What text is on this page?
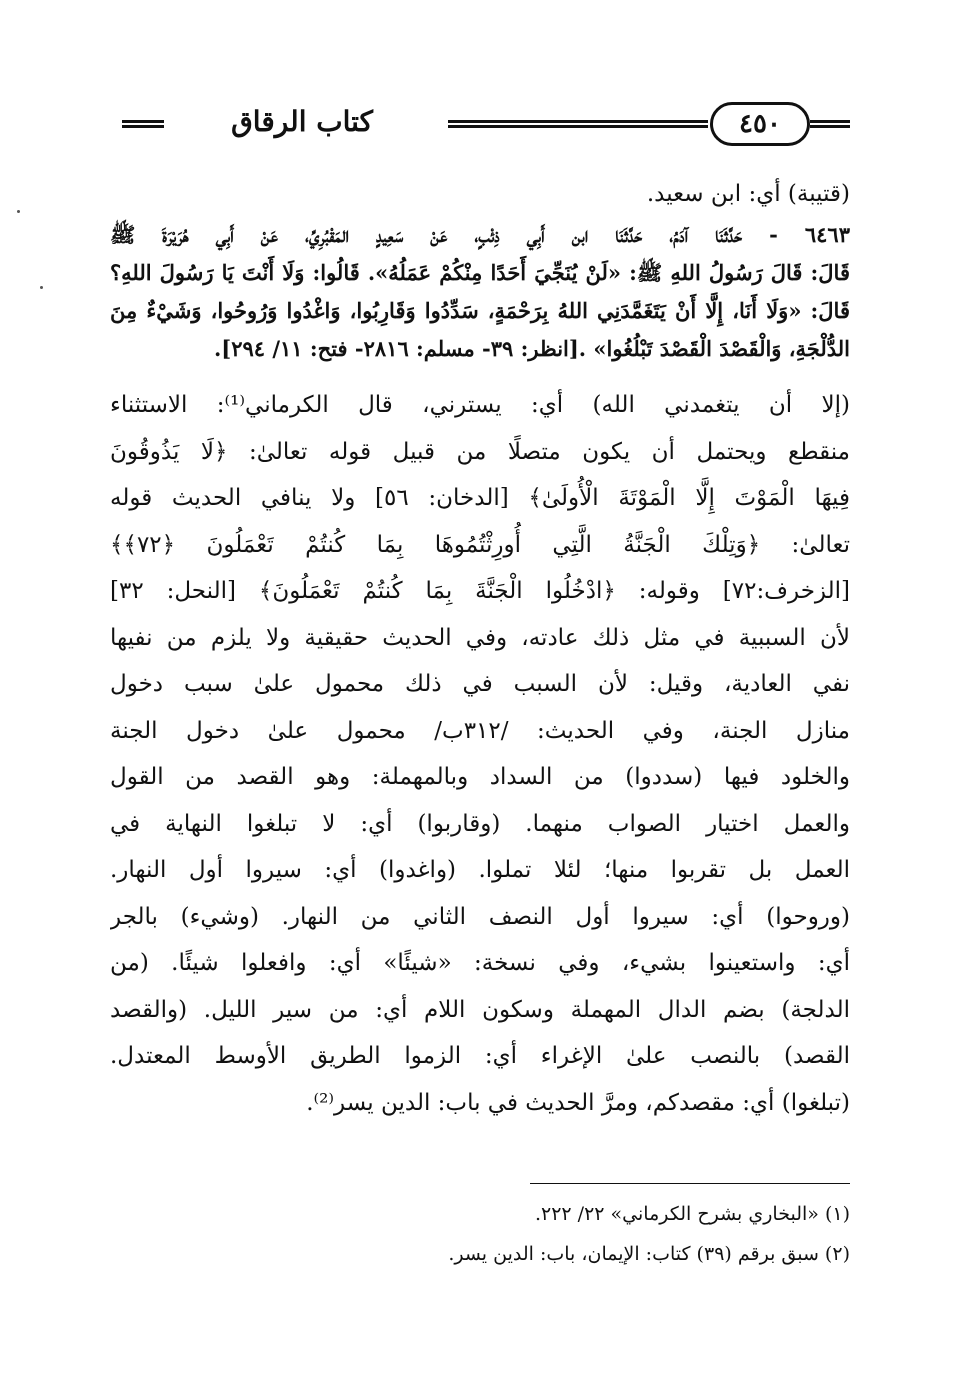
كتاب الرقاق	٤٥٠

(قتيبة) أي: ابن سعيد.

٦٤٦٣ - حَدَّثَنَا آدَمُ، حَدَّثَنَا ابن أَبِي ذِئْبٍ، عَنْ سَعِيدٍ المَقْبُرِيِّ، عَنْ أَبِي هُرَيْرَةَ ﷺ

قَالَ: قَالَ رَسُولُ اللهِ ﷺ: «لَنْ يُنَجِّيَ أَحَدًا مِنْكُمْ عَمَلُهُ». قَالُوا: وَلَا أَنْتَ يَا رَسُولَ اللهِ؟

قَالَ: «وَلَا أَنَا، إِلَّا أَنْ يَتَغَمَّدَنِي اللهُ بِرَحْمَةٍ، سَدِّدُوا وَقَارِبُوا، وَاغْدُوا وَرُوحُوا، وَشَيْءٌ مِنَ

الدُّلْجَةِ، وَالْقَصْدَ الْقَصْدَ تَبْلُغُوا» .[انظر: ٣٩- مسلم: ٢٨١٦- فتح: ١١/ ٢٩٤].

(إلا أن يتغمدني الله) أي: يسترني، قال الكرماني⁽¹⁾: الاستثناء

منقطع ويحتمل أن يكون متصلًا من قبيل قوله تعالىٰ: ﴿لَا يَذُوقُونَ

فِيهَا الْمَوْتَ إِلَّا الْمَوْتَةَ الْأُولَىٰ﴾ [الدخان: ٥٦] ولا ينافي الحديث قوله

تعالىٰ: ﴿وَتِلْكَ الْجَنَّةُ الَّتِي أُورِثْتُمُوهَا بِمَا كُنتُمْ تَعْمَلُونَ ﴿٧٢﴾﴾

[الزخرف:٧٢] وقوله: ﴿ادْخُلُوا الْجَنَّةَ بِمَا كُنتُمْ تَعْمَلُونَ﴾ [النحل: ٣٢]

لأن السببية في مثل ذلك عادته، وفي الحديث حقيقية ولا يلزم من نفيها

نفي العادية، وقيل: لأن السبب في ذلك محمول علىٰ سبب دخول

منازل الجنة، وفي الحديث: /٣١٢ب/ محمول علىٰ دخول الجنة

والخلود فيها (سددوا) من السداد وبالمهملة: وهو القصد من القول

والعمل اختيار الصواب منهما. (وقاربوا) أي: لا تبلغوا النهاية في

العمل بل تقربوا منها؛ لئلا تملوا. (واغدوا) أي: سيروا أول النهار.

(وروحوا) أي: سيروا أول النصف الثاني من النهار. (وشيء) بالجر

أي: واستعينوا بشيء، وفي نسخة: «شيئًا» أي: وافعلوا شيئًا. (من

الدلجة) بضم الدال المهملة وسكون اللام أي: من سير الليل. (والقصد

القصد) بالنصب علىٰ الإغراء أي: الزموا الطريق الأوسط المعتدل.

(تبلغوا) أي: مقصدكم، ومرَّ الحديث في باب: الدين يسر⁽²⁾.

(١) «البخاري بشرح الكرماني» ٢٢/ ٢٢٢.

(٢) سبق برقم (٣٩) كتاب: الإيمان، باب: الدين يسر.
